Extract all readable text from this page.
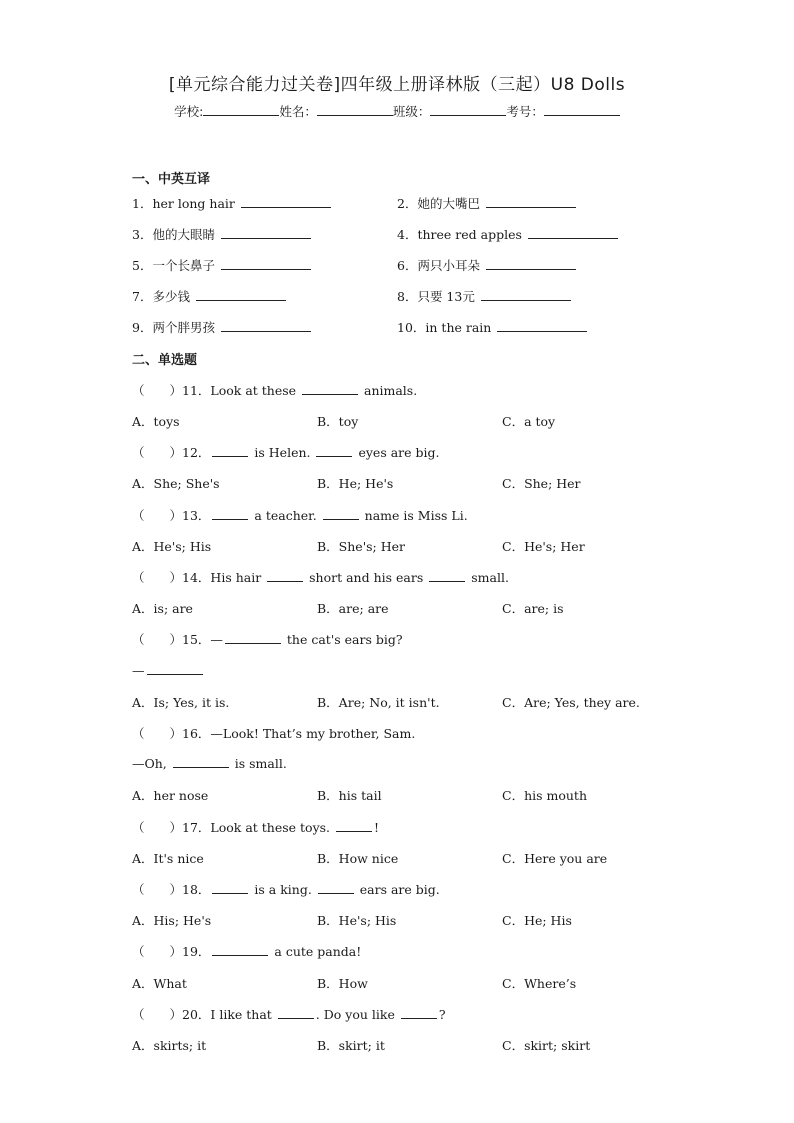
[单元综合能力过关卷]四年级上册译林版（三起）U8 Dolls
学校:	姓名：	班级：	考号：
一、中英互译
1．her long hair	2．她的大嘴巴
3．他的大眼睛	4．three red apples
5．一个长鼻子	6．两只小耳朵
7．多少钱	8．只要 13元
9．两个胖男孩	10．in the rain
二、单选题
（　　）11．Look at these	animals.
A．toys	B．toy	C．a toy
（　　）12．	is Helen.	eyes are big.
A．She; She's	B．He; He's	C．She; Her
（　　）13．	a teacher.	name is Miss Li.
A．He's; His	B．She's; Her	C．He's; Her
（　　）14．His hair	short and his ears	small.
A．is; are	B．are; are	C．are; is
（　　）15．—	the cat's ears big?
—
A．Is; Yes, it is.	B．Are; No, it isn't.	C．Are; Yes, they are.
（　　）16．—Look! That’s my brother, Sam.
—Oh,	is small.
A．her nose	B．his tail	C．his mouth
（　　）17．Look at these toys.	!
A．It's nice	B．How nice	C．Here you are
（　　）18．	is a king.	ears are big.
A．His; He's	B．He's; His	C．He; His
（　　）19．	a cute panda!
A．What	B．How	C．Where’s
（　　）20．I like that	. Do you like	?
A．skirts; it	B．skirt; it	C．skirt; skirt
